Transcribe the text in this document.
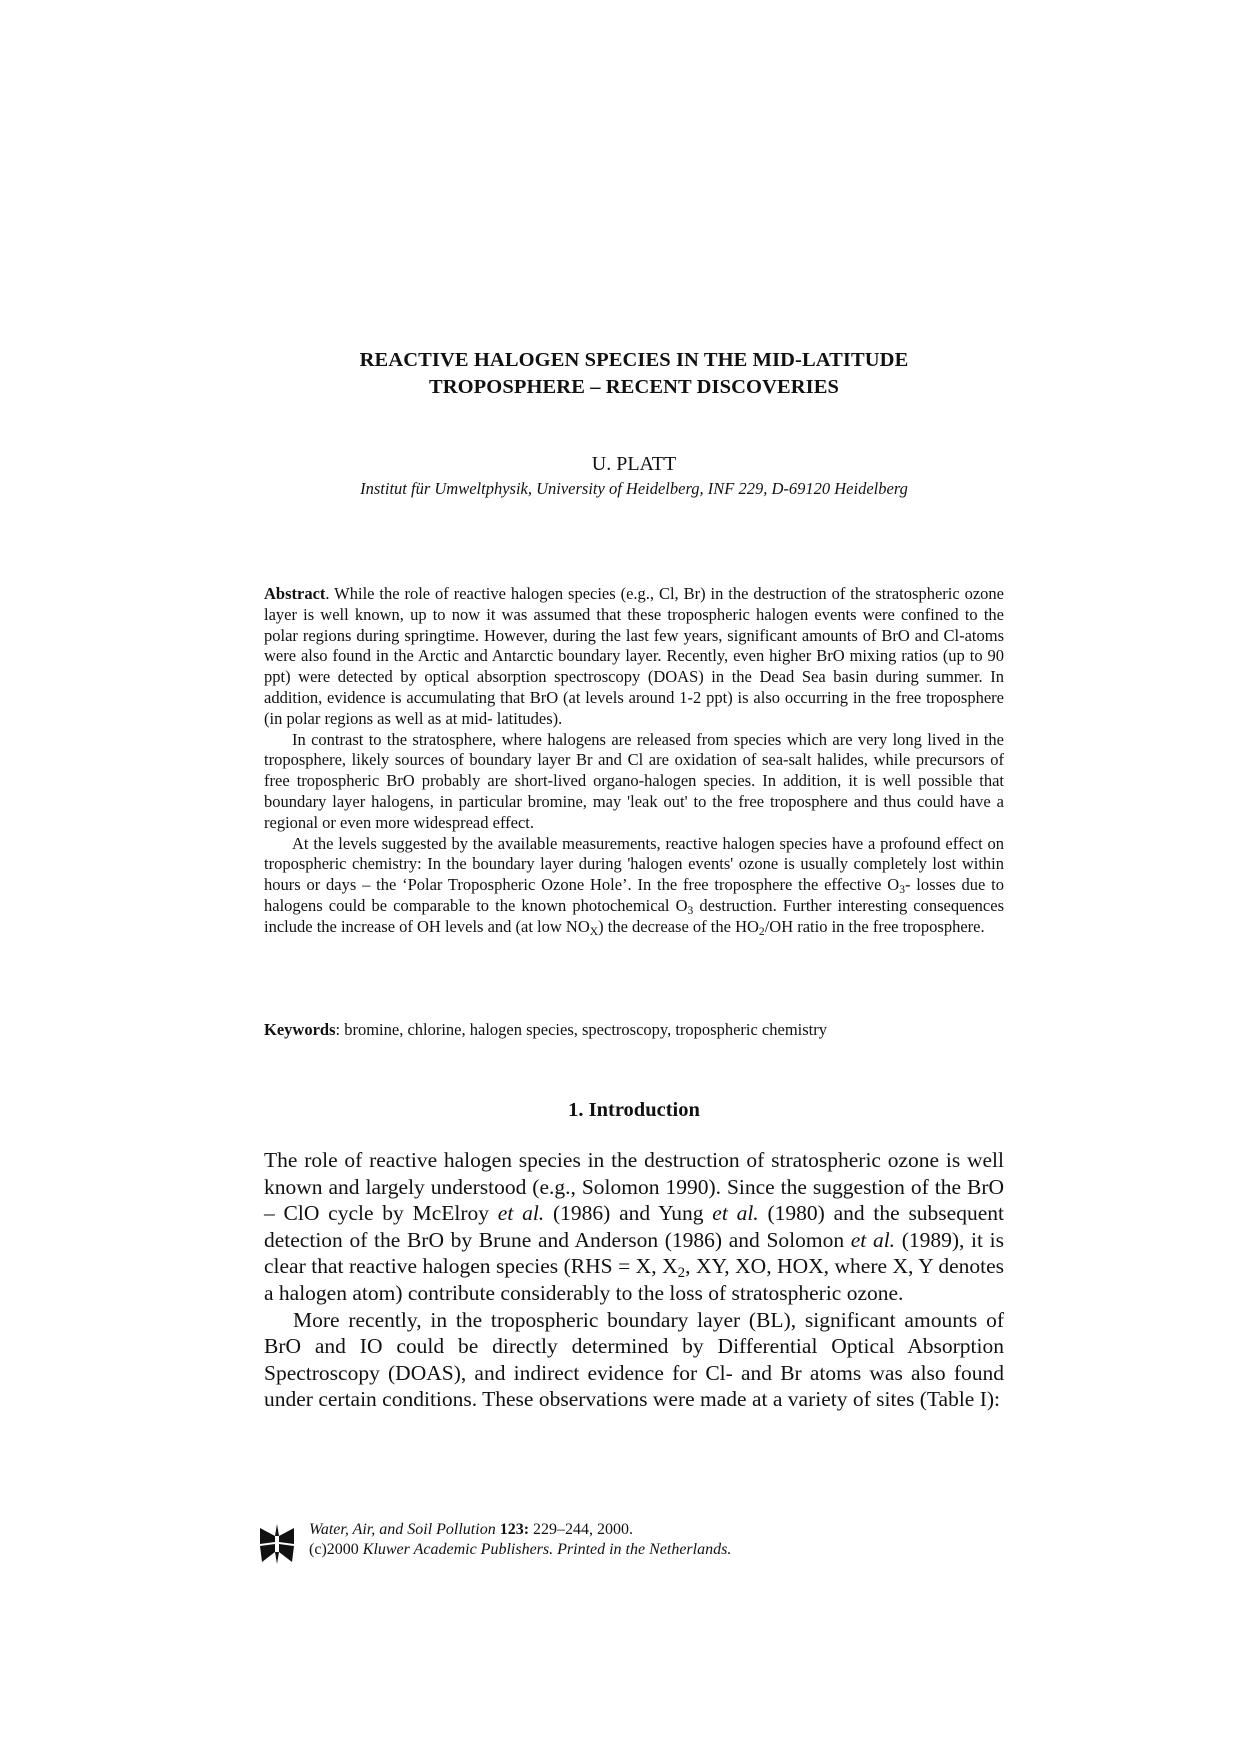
REACTIVE HALOGEN SPECIES IN THE MID-LATITUDE
TROPOSPHERE – RECENT DISCOVERIES
U. PLATT
Institut für Umweltphysik, University of Heidelberg, INF 229, D-69120 Heidelberg

Abstract. While the role of reactive halogen species (e.g., Cl, Br) in the destruction of the stratospheric ozone layer is well known, up to now it was assumed that these tropospheric halogen events were confined to the polar regions during springtime. However, during the last few years, significant amounts of BrO and Cl-atoms were also found in the Arctic and Antarctic boundary layer. Recently, even higher BrO mixing ratios (up to 90 ppt) were detected by optical absorption spectroscopy (DOAS) in the Dead Sea basin during summer. In addition, evidence is accumulating that BrO (at levels around 1-2 ppt) is also occurring in the free troposphere (in polar regions as well as at mid- latitudes).

In contrast to the stratosphere, where halogens are released from species which are very long lived in the troposphere, likely sources of boundary layer Br and Cl are oxidation of sea-salt halides, while precursors of free tropospheric BrO probably are short-lived organo-halogen species. In addition, it is well possible that boundary layer halogens, in particular bromine, may 'leak out' to the free troposphere and thus could have a regional or even more widespread effect.

At the levels suggested by the available measurements, reactive halogen species have a profound effect on tropospheric chemistry: In the boundary layer during 'halogen events' ozone is usually completely lost within hours or days – the ‘Polar Tropospheric Ozone Hole’. In the free troposphere the effective $O_3-$ losses due to halogens could be comparable to the known photochemical $O_3$ destruction. Further interesting consequences include the increase of OH levels and (at low $NO_X$) the decrease of the $HO_2/OH$ ratio in the free troposphere.

Keywords: bromine, chlorine, halogen species, spectroscopy, tropospheric chemistry
1. Introduction

The role of reactive halogen species in the destruction of stratospheric ozone is well known and largely understood (e.g., Solomon 1990). Since the suggestion of the BrO – ClO cycle by McElroy et al. (1986) and Yung et al. (1980) and the subsequent detection of the BrO by Brune and Anderson (1986) and Solomon et al. (1989), it is clear that reactive halogen species (RHS = X, $X_2$, XY, XO, HOX, where X, Y denotes a halogen atom) contribute considerably to the loss of stratospheric ozone.

More recently, in the tropospheric boundary layer (BL), significant amounts of BrO and IO could be directly determined by Differential Optical Absorption Spectroscopy (DOAS), and indirect evidence for Cl- and Br atoms was also found under certain conditions. These observations were made at a variety of sites (Table I):

Water, Air, and Soil Pollution 123: 229–244, 2000.
(c)2000 Kluwer Academic Publishers. Printed in the Netherlands.
